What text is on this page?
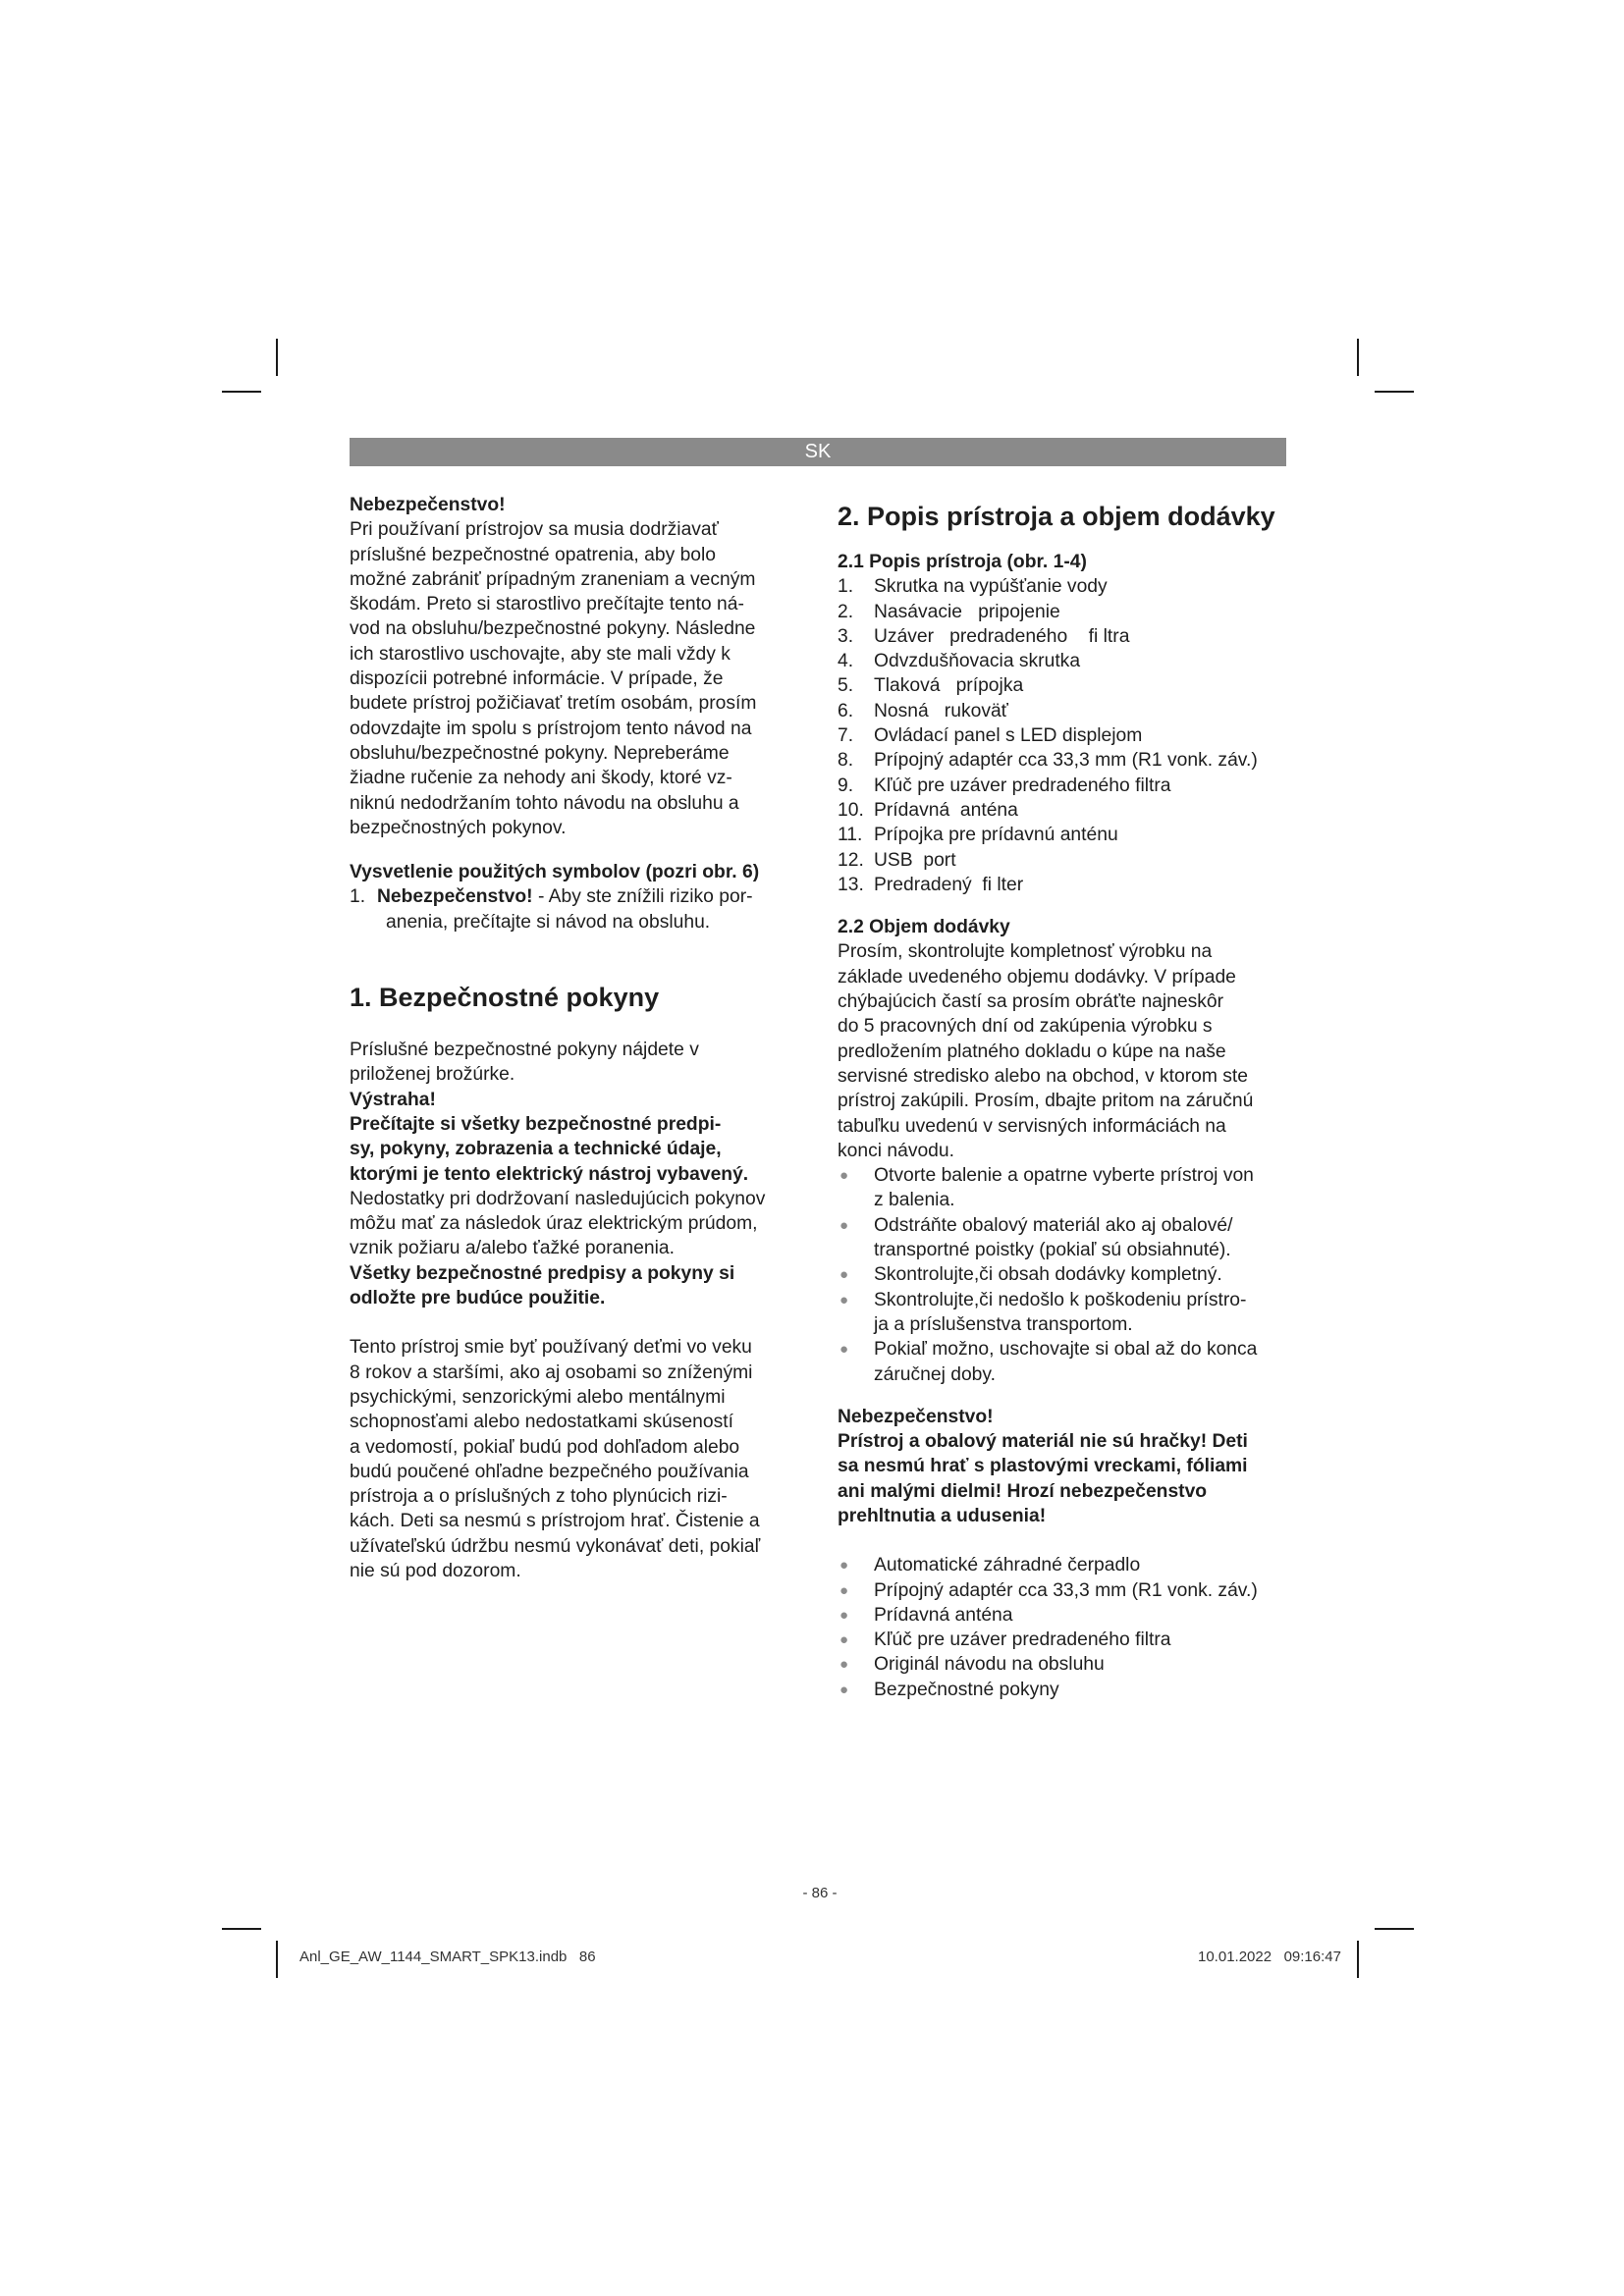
SK

Nebezpečenstvo!

Pri používaní prístrojov sa musia dodržiavať

príslušné bezpečnostné opatrenia, aby bolo

možné zabrániť prípadným zraneniam a vecným

škodám. Preto si starostlivo prečítajte tento ná-

vod na obsluhu/bezpečnostné pokyny. Následne

ich starostlivo uschovajte, aby ste mali vždy k

dispozícii potrebné informácie. V prípade, že

budete prístroj požičiavať tretím osobám, prosím

odovzdajte im spolu s prístrojom tento návod na

obsluhu/bezpečnostné pokyny. Nepreberáme

žiadne ručenie za nehody ani škody, ktoré vz-

niknú nedodržaním tohto návodu na obsluhu a

bezpečnostných pokynov.

Vysvetlenie použitých symbolov (pozri obr. 6)

1. Nebezpečenstvo! - Aby ste znížili riziko por-

anenia, prečítajte si návod na obsluhu.

1. Bezpečnostné pokyny

Príslušné bezpečnostné pokyny nájdete v

priloženej brožúrke.

Výstraha!

Prečítajte si všetky bezpečnostné predpi-

sy, pokyny, zobrazenia a technické údaje,

ktorými je tento elektrický nástroj vybavený.

Nedostatky pri dodržovaní nasledujúcich pokynov

môžu mať za následok úraz elektrickým prúdom,

vznik požiaru a/alebo ťažké poranenia.

Všetky bezpečnostné predpisy a pokyny si

odložte pre budúce použitie.

Tento prístroj smie byť používaný deťmi vo veku

8 rokov a staršími, ako aj osobami so zníženými

psychickými, senzorickými alebo mentálnymi

schopnosťami alebo nedostatkami skúseností

a vedomostí, pokiaľ budú pod dohľadom alebo

budú poučené ohľadne bezpečného používania

prístroja a o príslušných z toho plynúcich rizi-

kách. Deti sa nesmú s prístrojom hrať. Čistenie a

užívateľskú údržbu nesmú vykonávať deti, pokiaľ

nie sú pod dozorom.

2. Popis prístroja a objem dodávky

2.1 Popis prístroja (obr. 1-4)

1.	Skrutka na vypúšťanie vody
2.	Nasávacie   pripojenie
3.	Uzáver   predradeného    fi ltra
4.	Odvzdušňovacia skrutka
5.	Tlaková   prípojka
6.	Nosná   rukoväť
7.	Ovládací panel s LED displejom
8.	Prípojný adaptér cca 33,3 mm (R1 vonk. záv.)
9.	Kľúč pre uzáver predradeného filtra
10. Prídavná  anténa
11. Prípojka pre prídavnú anténu
12. USB  port
13. Predradený  fi lter

2.2 Objem dodávky

Prosím, skontrolujte kompletnosť výrobku na

základe uvedeného objemu dodávky. V prípade

chýbajúcich častí sa prosím obráťte najneskôr

do 5 pracovných dní od zakúpenia výrobku s

predložením platného dokladu o kúpe na naše

servisné stredisko alebo na obchod, v ktorom ste

prístroj zakúpili. Prosím, dbajte pritom na záručnú

tabuľku uvedenú v servisných informáciách na

konci návodu.

●	Otvorte balenie a opatrne vyberte prístroj von
z balenia.
●	Odstráňte obalový materiál ako aj obalové/
transportné poistky (pokiaľ sú obsiahnuté).
●	Skontrolujte,či obsah dodávky kompletný.
●	Skontrolujte,či nedošlo k poškodeniu prístro-
ja a príslušenstva transportom.
●	Pokiaľ možno, uschovajte si obal až do konca
záručnej doby.

Nebezpečenstvo!

Prístroj a obalový materiál nie sú hračky! Deti

sa nesmú hrať s plastovými vreckami, fóliami

ani malými dielmi! Hrozí nebezpečenstvo

prehltnutia a udusenia!

●	Automatické záhradné čerpadlo
●	Prípojný adaptér cca 33,3 mm (R1 vonk. záv.)
●	Prídavná anténa
●	Kľúč pre uzáver predradeného filtra
●	Originál návodu na obsluhu
●	Bezpečnostné pokyny
- 86 -
Anl_GE_AW_1144_SMART_SPK13.indb   86	10.01.2022   09:16:47
